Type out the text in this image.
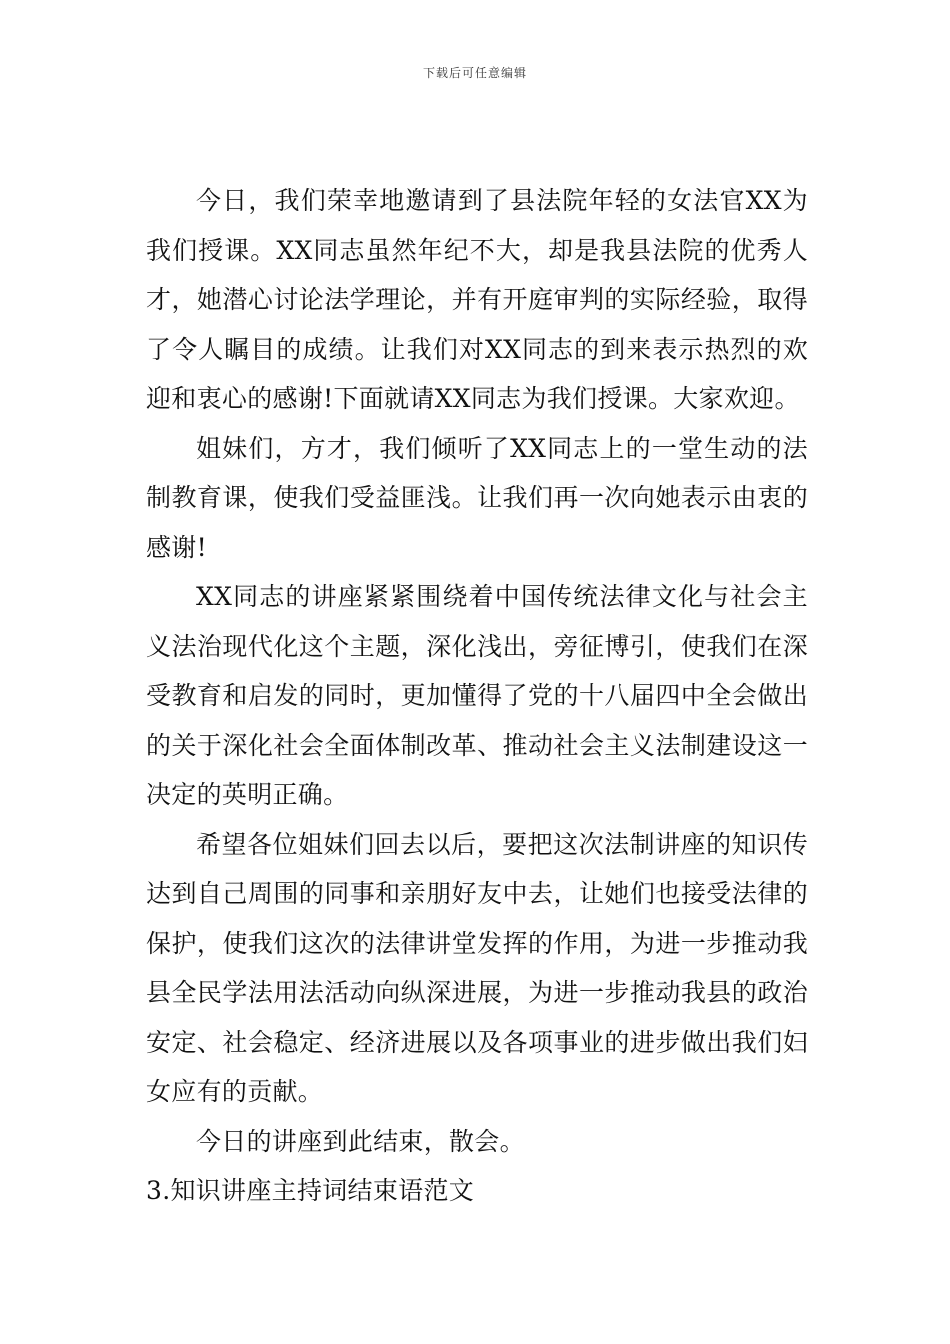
下载后可任意编辑

今日，我们荣幸地邀请到了县法院年轻的女法官XX为我们授课。XX同志虽然年纪不大，却是我县法院的优秀人才，她潜心讨论法学理论，并有开庭审判的实际经验，取得了令人瞩目的成绩。让我们对XX同志的到来表示热烈的欢迎和衷心的感谢!下面就请XX同志为我们授课。大家欢迎。

姐妹们，方才，我们倾听了XX同志上的一堂生动的法制教育课，使我们受益匪浅。让我们再一次向她表示由衷的感谢!

XX同志的讲座紧紧围绕着中国传统法律文化与社会主义法治现代化这个主题，深化浅出，旁征博引，使我们在深受教育和启发的同时，更加懂得了党的十八届四中全会做出的关于深化社会全面体制改革、推动社会主义法制建设这一决定的英明正确。

希望各位姐妹们回去以后，要把这次法制讲座的知识传达到自己周围的同事和亲朋好友中去，让她们也接受法律的保护，使我们这次的法律讲堂发挥的作用，为进一步推动我县全民学法用法活动向纵深进展，为进一步推动我县的政治安定、社会稳定、经济进展以及各项事业的进步做出我们妇女应有的贡献。

今日的讲座到此结束，散会。

3.知识讲座主持词结束语范文
